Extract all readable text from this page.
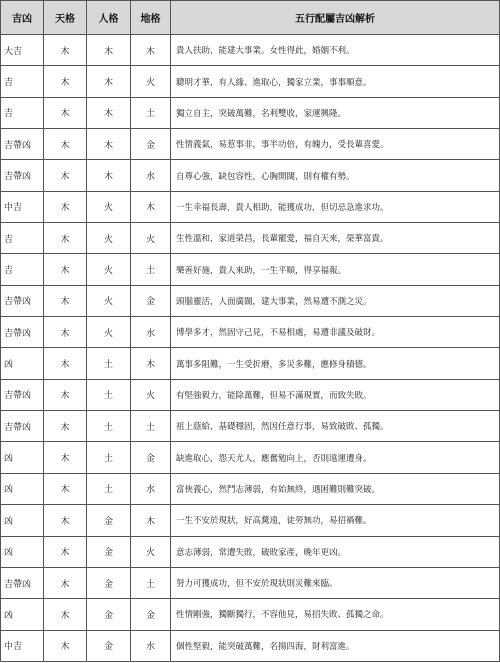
吉凶	天格	人格	地格	五行配屬吉凶解析
大吉	木	木	木	貴人扶助，能建大事業。女性得此，婚姻不利。
吉	木	木	火	聰明才華，有人緣、進取心，獨家立業，事事順意。
吉	木	木	土	獨立自主，突破萬難，名利雙收，家運興隆。
吉帶凶	木	木	金	性情義氣，易惹事非，事半功倍，有魄力，受長輩喜愛。
吉帶凶	木	木	水	自尊心強，缺包容性，心胸開闊，則有權有勢。
中吉	木	火	木	一生幸福長壽，貴人相助，能獲成功，但切忌急進求功。
吉	木	火	火	生性溫和，家道榮昌，長輩寵愛，福自天來，榮華富貴。
吉	木	火	土	樂善好施，貴人來助，一生平順，得享福報。
吉帶凶	木	火	金	頭腦靈活，人面廣闊，建大事業，然易遭不測之災。
吉帶凶	木	火	水	博學多才，然固守己見，不易相處，易遭非議及破財。
凶	木	土	木	萬事多阻難，一生受折磨，多災多難，應修身積德。
吉帶凶	木	土	火	有堅強毅力，能除萬難，但易不滿現實，而致失敗。
吉帶凶	木	土	土	祖上蔭給，基礎穩固，然因任意行事，易致破敗、孤獨。
凶	木	土	金	缺進取心，怨天尤人，應奮勉向上，否則遠運遭身。
凶	木	土	水	富俠義心，然鬥志薄弱，有始無終，遇困難則難突破。
凶	木	金	木	一生不安於現狀，好高騖遠，徒勞無功，易招禍難。
凶	木	金	火	意志薄弱，常遭失敗，破敗家產，晚年更凶。
吉帶凶	木	金	土	努力可獲成功，但不安於現狀則災難來臨。
凶	木	金	金	性情剛強，獨斷獨行，不容他見，易招失敗、孤獨之命。
中吉	木	金	水	個性堅毅，能突破萬難，名揚四海，財利富進。
